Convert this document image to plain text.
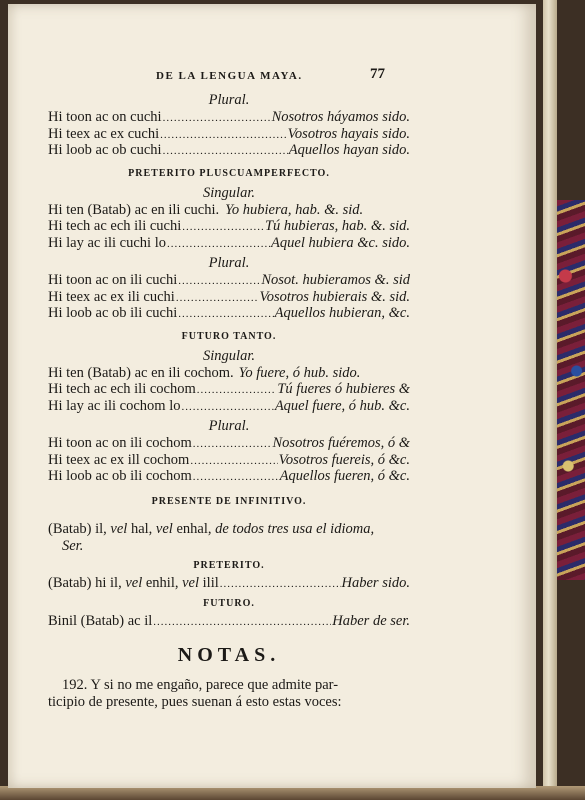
DE LA LENGUA MAYA.	77
Plural.
Hi toon ac on cuchi .....	Nosotros háyamos sido.
Hi teex ac ex cuchi .....	Vosotros hayais sido.
Hi loob ac ob cuchi .....	Aquellos hayan sido.
PRETERITO PLUSCUAMPERFECTO.
Singular.
Hi ten (Batab) ac en ili cuchi. Yo hubiera, hab. &. sid.
Hi tech ac ech ili cuchi .....	Tú hubieras, hab. &. sid.
Hi lay ac ili cuchi lo .....	Aquel hubiera &c. sido.
Plural.
Hi toon ac on ili cuchi .....	Nosot. hubieramos &. sid
Hi teex ac ex ili cuchi .....	Vosotros hubierais &. sid.
Hi loob ac ob ili cuchi .....	Aquellos hubieran, &c.
FUTURO TANTO.
Singular.
Hi ten (Batab) ac en ili cochom. Yo fuere, ó hub. sido.
Hi tech ac ech ili cochom .....	Tú fueres ó hubieres &
Hi lay ac ili cochom lo .....	Aquel fuere, ó hub. &c.
Plural.
Hi toon ac on ili cochom .....	Nosotros fuéremos, ó &
Hi teex ac ex ill cochom .....	Vosotros fuereis, ó &c.
Hi loob ac ob ili cochom .....	Aquellos fueren, ó &c.
PRESENTE DE INFINITIVO.
(Batab) il, vel hal, vel enhal, de todos tres usa el idioma,
Ser.
PRETERITO.
(Batab) hi il, vel enhil, vel ilil .....	Haber sido.
FUTURO.
Binil (Batab) ac il .....	Haber de ser.
NOTAS.
192. Y si no me engaño, parece que admite par-
ticipio de presente, pues suenan á esto estas voces:
